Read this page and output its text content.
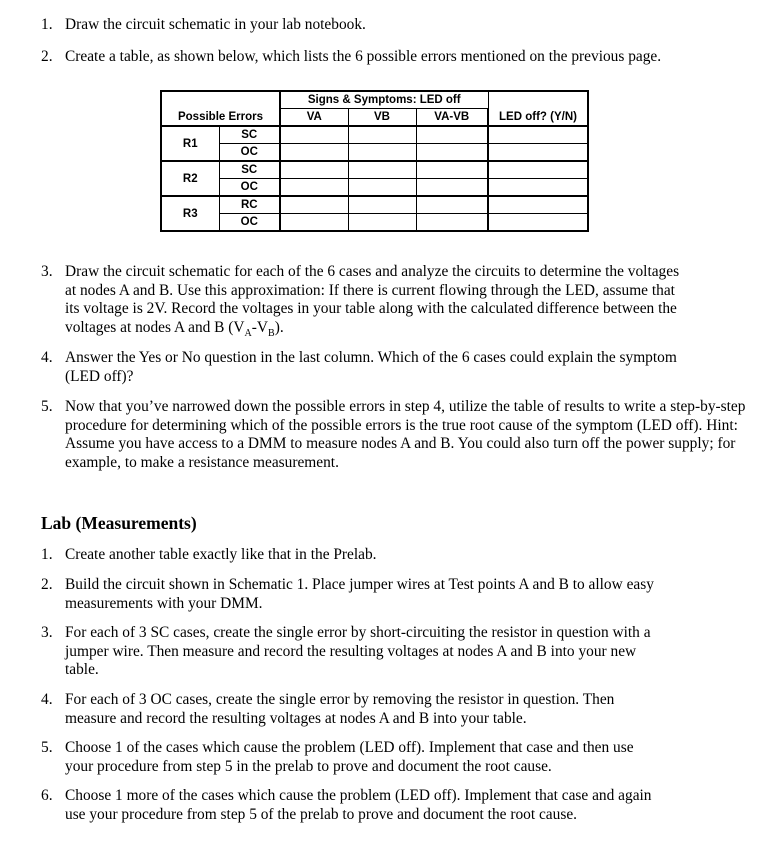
1. Draw the circuit schematic in your lab notebook.
2. Create a table, as shown below, which lists the 6 possible errors mentioned on the previous page.
		Signs & Symptoms: LED off			
Possible Errors		VA	VB	VA-VB	LED off? (Y/N)
R1	SC				
	OC				
R2	SC				
	OC				
R3	RC				
	OC				
3. Draw the circuit schematic for each of the 6 cases and analyze the circuits to determine the voltages at nodes A and B. Use this approximation: If there is current flowing through the LED, assume that its voltage is 2V. Record the voltages in your table along with the calculated difference between the voltages at nodes A and B $(V_A-V_B)$.
4. Answer the Yes or No question in the last column. Which of the 6 cases could explain the symptom (LED off)?
5. Now that you’ve narrowed down the possible errors in step 4, utilize the table of results to write a step-by-step procedure for determining which of the possible errors is the true root cause of the symptom (LED off). Hint: Assume you have access to a DMM to measure nodes A and B. You could also turn off the power supply; for example, to make a resistance measurement.
Lab (Measurements)
1. Create another table exactly like that in the Prelab.
2. Build the circuit shown in Schematic 1. Place jumper wires at Test points A and B to allow easy measurements with your DMM.
3. For each of 3 SC cases, create the single error by short-circuiting the resistor in question with a jumper wire. Then measure and record the resulting voltages at nodes A and B into your new table.
4. For each of 3 OC cases, create the single error by removing the resistor in question. Then measure and record the resulting voltages at nodes A and B into your table.
5. Choose 1 of the cases which cause the problem (LED off). Implement that case and then use your procedure from step 5 in the prelab to prove and document the root cause.
6. Choose 1 more of the cases which cause the problem (LED off). Implement that case and again use your procedure from step 5 of the prelab to prove and document the root cause.
